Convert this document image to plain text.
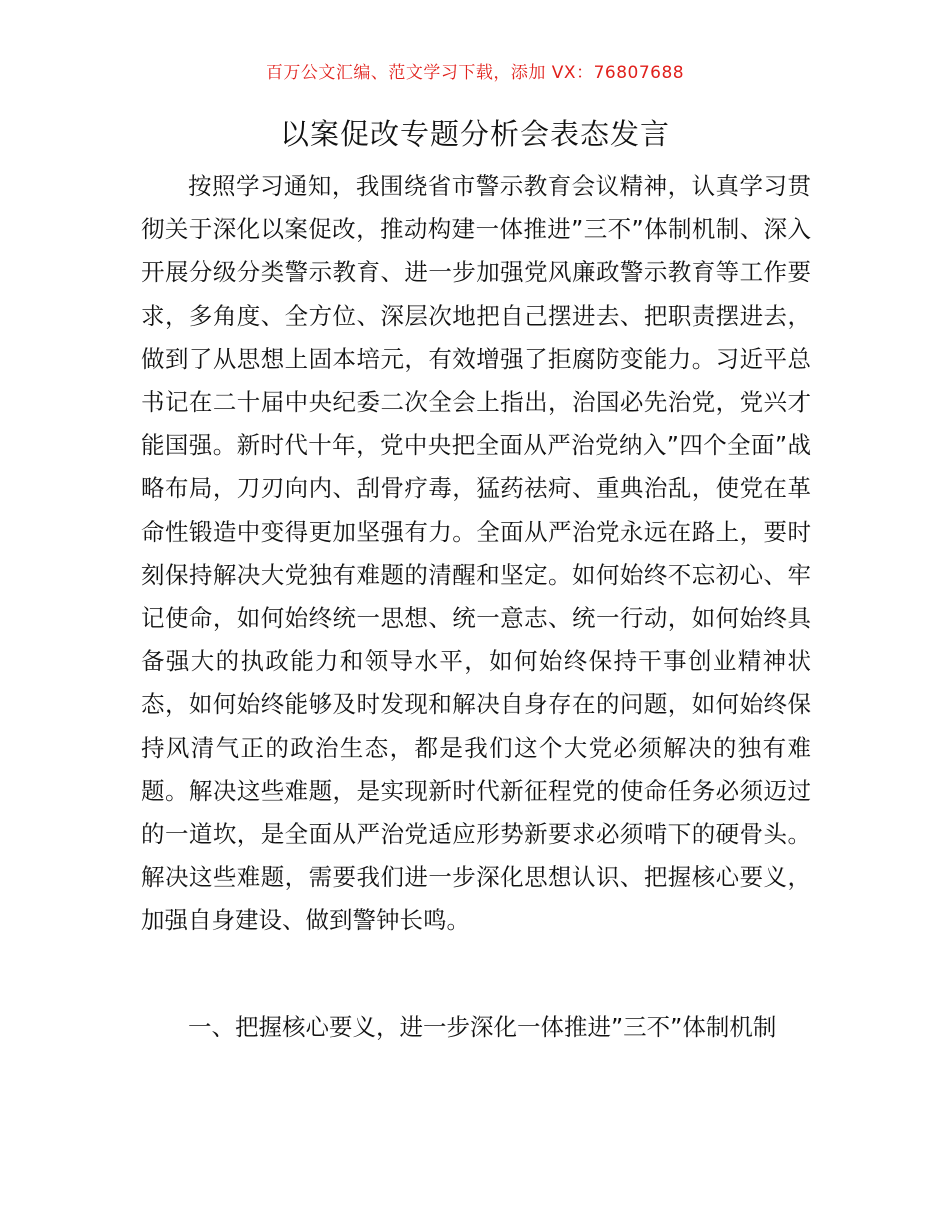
百万公文汇编、范文学习下载，添加 VX：76807688
以案促改专题分析会表态发言

按照学习通知，我围绕省市警示教育会议精神，认真学习贯彻关于深化以案促改，推动构建一体推进”三不”体制机制、深入开展分级分类警示教育、进一步加强党风廉政警示教育等工作要求，多角度、全方位、深层次地把自己摆进去、把职责摆进去，做到了从思想上固本培元，有效增强了拒腐防变能力。习近平总书记在二十届中央纪委二次全会上指出，治国必先治党，党兴才能国强。新时代十年，党中央把全面从严治党纳入”四个全面”战略布局，刀刃向内、刮骨疗毒，猛药祛疴、重典治乱，使党在革命性锻造中变得更加坚强有力。全面从严治党永远在路上，要时刻保持解决大党独有难题的清醒和坚定。如何始终不忘初心、牢记使命，如何始终统一思想、统一意志、统一行动，如何始终具备强大的执政能力和领导水平，如何始终保持干事创业精神状态，如何始终能够及时发现和解决自身存在的问题，如何始终保持风清气正的政治生态，都是我们这个大党必须解决的独有难题。解决这些难题，是实现新时代新征程党的使命任务必须迈过的一道坎，是全面从严治党适应形势新要求必须啃下的硬骨头。解决这些难题，需要我们进一步深化思想认识、把握核心要义，加强自身建设、做到警钟长鸣。

一、把握核心要义，进一步深化一体推进”三不”体制机制
